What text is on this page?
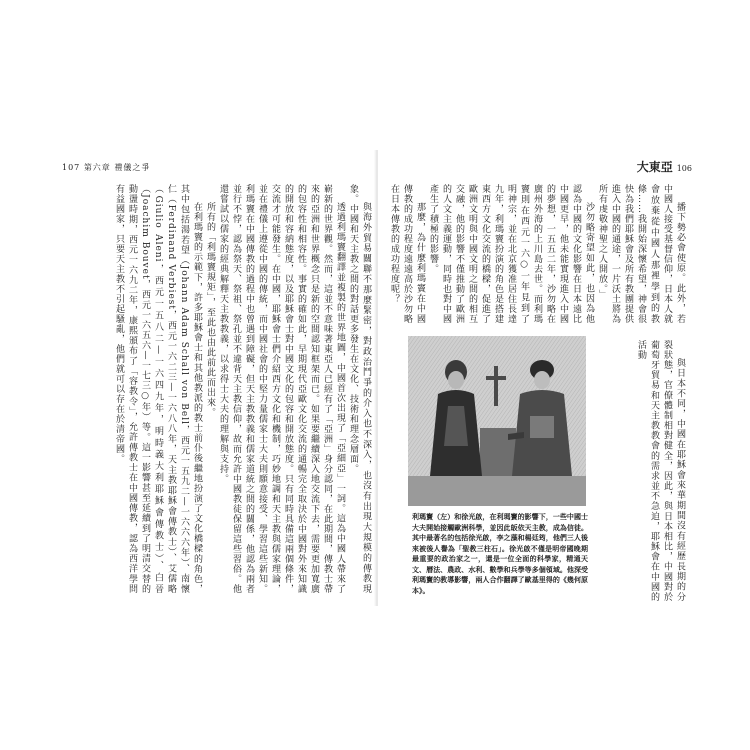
107 第六章 禮儀之爭

與海外貿易關聯不那麼緊密，對政治鬥爭的介入也不深入，也沒有出現大規模的傳教現象。中國和天主教之間的對話更多發生在文化、技術和理念層面。

透過利瑪竇翻譯並複製的世界地圖，中國首次出現了「亞細亞」一詞。這為中國人帶來了嶄新的世界觀。然而，這並不意味著東亞人已經有了「亞洲」身分認同，在此期間，傳教士帶來的亞洲和世界概念只是新的空間認知框架而已。如果要繼續深入地交流下去，需要更加寬廣的包容性和相容性。事實的確如此，早期現代亞歐文化交流的通暢完全取決於中國對外來知識的開放和容納態度，以及耶穌會士對中國文化的包容和開放態度。只有同時具備這兩個條件，交流才可能發生。在中國，耶穌會士們介紹西方文化和機制，巧妙地調和天主教與儒家理論，並在禮儀上遵從中國的傳統，而中國社會的中堅力量儒家士大夫則願意接受、學習這些新知。利瑪竇在中國傳教的過程中也曾遇到障礙，但天主教教義和儒家道統之間的關係，他認為兩者並行不悖，認為祭天、祭祖、祭孔並不違背天主教信仰，故而允許中國教徒保留這些習俗。他還嘗試以儒家的經典解釋天主教教義，以求得士大夫的理解與支持。

所有的「利瑪竇規矩」，至此也由此前此而出來。

在利瑪竇的示範下，許多耶穌會士和其他教派的教士前仆後繼地扮演了文化橋樑的角色，其中包括湯若望（Johann Adam Schall von Bell，西元一五九二—一六六六年）、南懷仁（Ferdinand Verbiest，西元一六二三—一六八八年，天主教耶穌會傳教士）、艾儒略（Giulio Aleni，西元一五八二—一六四九年，明時義大利耶穌會傳教士）、白晉（Joachim Bouvet，西元一六五六—一七三○年）等。這一影響甚至延續到了明清交替的動盪時期，西元一六九二年，康熙頒布了「容教令」，允許傳教士在中國傳教，認為西洋學問有益國家，只要天主教不引起騷亂，他們就可以存在於清帝國。

大東亞 106

播下勢必會使原。此外，若中國人接受基督信仰，日本人就會放棄從中國人那裡學到的教條……我開始深懷希望，神會很快為我們耶穌會及所有教團提供進入中國的通途，一片沃土將為所有虔敬神聖之人開放。」

沙勿略寄望如此，也因為他認為中國的文化影響在日本遠比中國更早，他未能實現進入中國的夢想，一五五二年，沙勿略在廣州外海的上川島去世。而利瑪竇則在西元一六○一年見到了明神宗，並在北京獲准居住長達九年，利瑪竇扮演的角色是搭建東西方文化交流的橋樑，促進了歐洲文明與中國文明之間的相互交融，他的影響不僅推動了歐洲的人文主義運動，同時也對中國產生了積極的影響。

那麼，為什麼利瑪竇在中國傳教的成功程度遠遠高於沙勿略在日本傳教的成功程度呢？

利瑪竇（左）和徐光啟，在利瑪竇的影響下，一些中國士大夫開始接觸歐洲科學，並因此皈依天主教，成為信徒。其中最著名的包括徐光啟，李之藻和楊廷筠，他們三人後來被後人譽為「聖教三柱石」。徐光啟不僅是明帝國晚期最重要的政治家之一，還是一位全面的科學家，精通天文、曆法、農政、水利、數學和兵學等多個領域。他深受利瑪竇的教導影響，兩人合作翻譯了歐基里得的《幾何原本》。	與日本不同，中國在耶穌會來華期間沒有經歷長期的分裂狀態，官僚體制相對健全，因此，與日本相比，中國對於葡萄牙貿易和天主教教會的需求並不急迫，耶穌會在中國的活動
